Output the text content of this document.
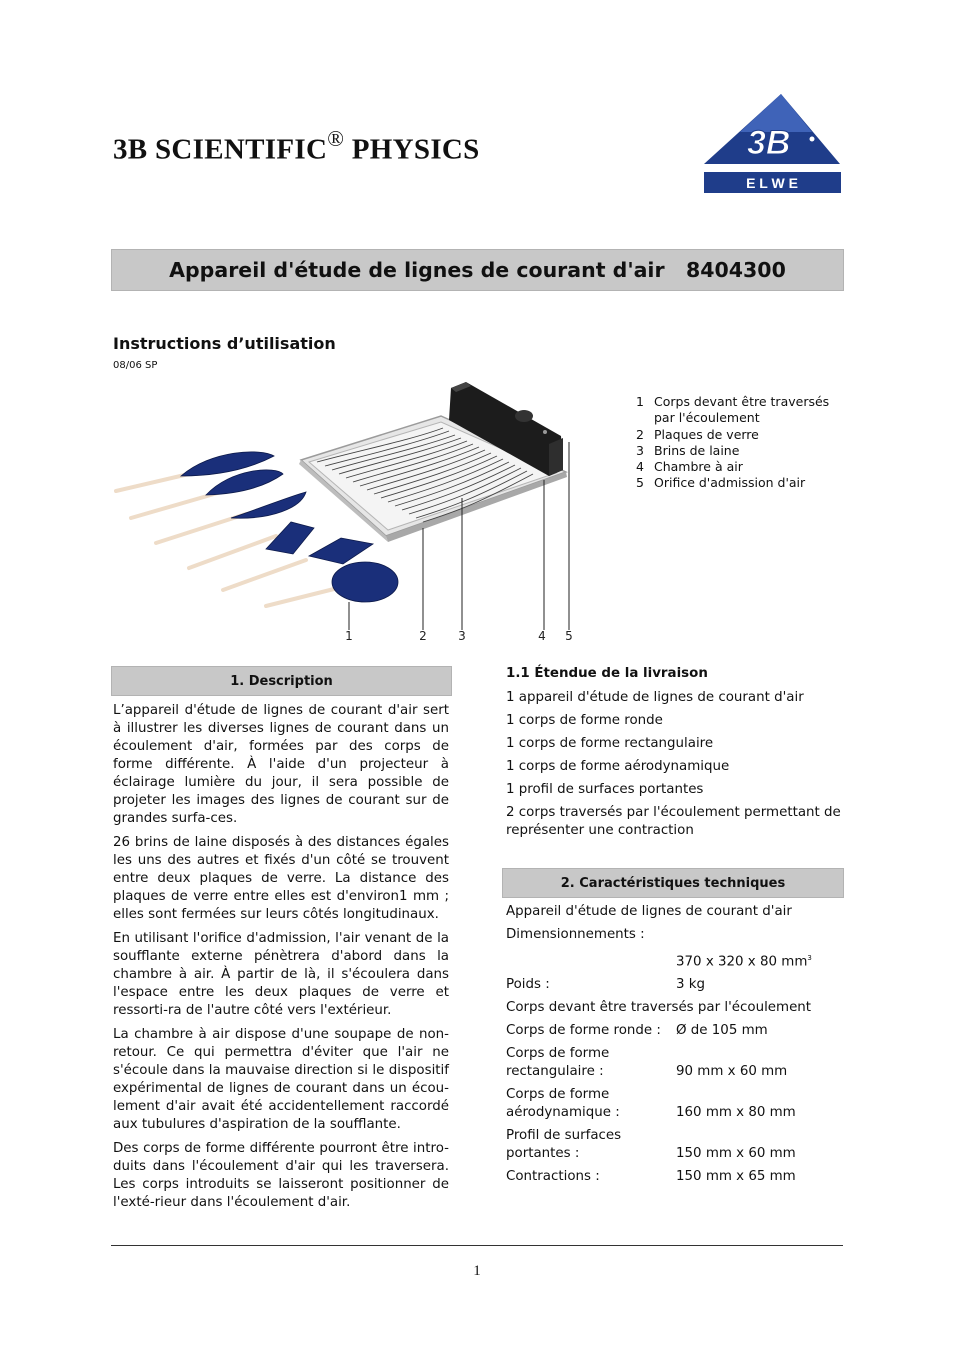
3B SCIENTIFIC® PHYSICS	3B
E L W E
Appareil d'étude de lignes de courant d'air   8404300
Instructions d’utilisation
08/06 SP
1	2	3	4 5
1 Corps devant être traversés par l'écoulement
2 Plaques de verre
3 Brins de laine
4 Chambre à air
5 Orifice d'admission d'air
1. Description

L’appareil d'étude de lignes de courant d'air sert à illustrer les diverses lignes de courant dans un écoulement d'air, formées par des corps de forme différente. À l'aide d'un projecteur à éclairage lumière du jour, il sera possible de projeter les images des lignes de courant sur de grandes surfa-ces.

26 brins de laine disposés à des distances égales les uns des autres et fixés d'un côté se trouvent entre deux plaques de verre. La distance des plaques de verre entre elles est d'environ1 mm ; elles sont fermées sur leurs côtés longitudinaux.

En utilisant l'orifice d'admission, l'air venant de la soufflante externe pénètrera d'abord dans la chambre à air. À partir de là, il s'écoulera dans l'espace entre les deux plaques de verre et ressorti-ra de l'autre côté vers l'extérieur.

La chambre à air dispose d'une soupape de non-retour. Ce qui permettra d'éviter que l'air ne s'écoule dans la mauvaise direction si le dispositif expérimental de lignes de courant dans un écou-lement d'air avait été accidentellement raccordé aux tubulures d'aspiration de la soufflante.

Des corps de forme différente pourront être intro-duits dans l'écoulement d'air qui les traversera. Les corps introduits se laisseront positionner de l'exté-rieur dans l'écoulement d'air.

1.1 Étendue de la livraison
1 appareil d'étude de lignes de courant d'air
1 corps de forme ronde
1 corps de forme rectangulaire
1 corps de forme aérodynamique
1 profil de surfaces portantes
2 corps traversés par l'écoulement permettant de représenter une contraction
2. Caractéristiques techniques
Appareil d'étude de lignes de courant d'air
Dimensionnements :
370 x 320 x 80 $mm^3$
Poids :	3 kg
Corps devant être traversés par l'écoulement
Corps de forme ronde :	Ø de 105 mm
Corps de forme rectangulaire :	90 mm x 60 mm
Corps de forme aérodynamique :	160 mm x 80 mm
Profil de surfaces portantes :	150 mm x 60 mm
Contractions :	150 mm x 65 mm
1
